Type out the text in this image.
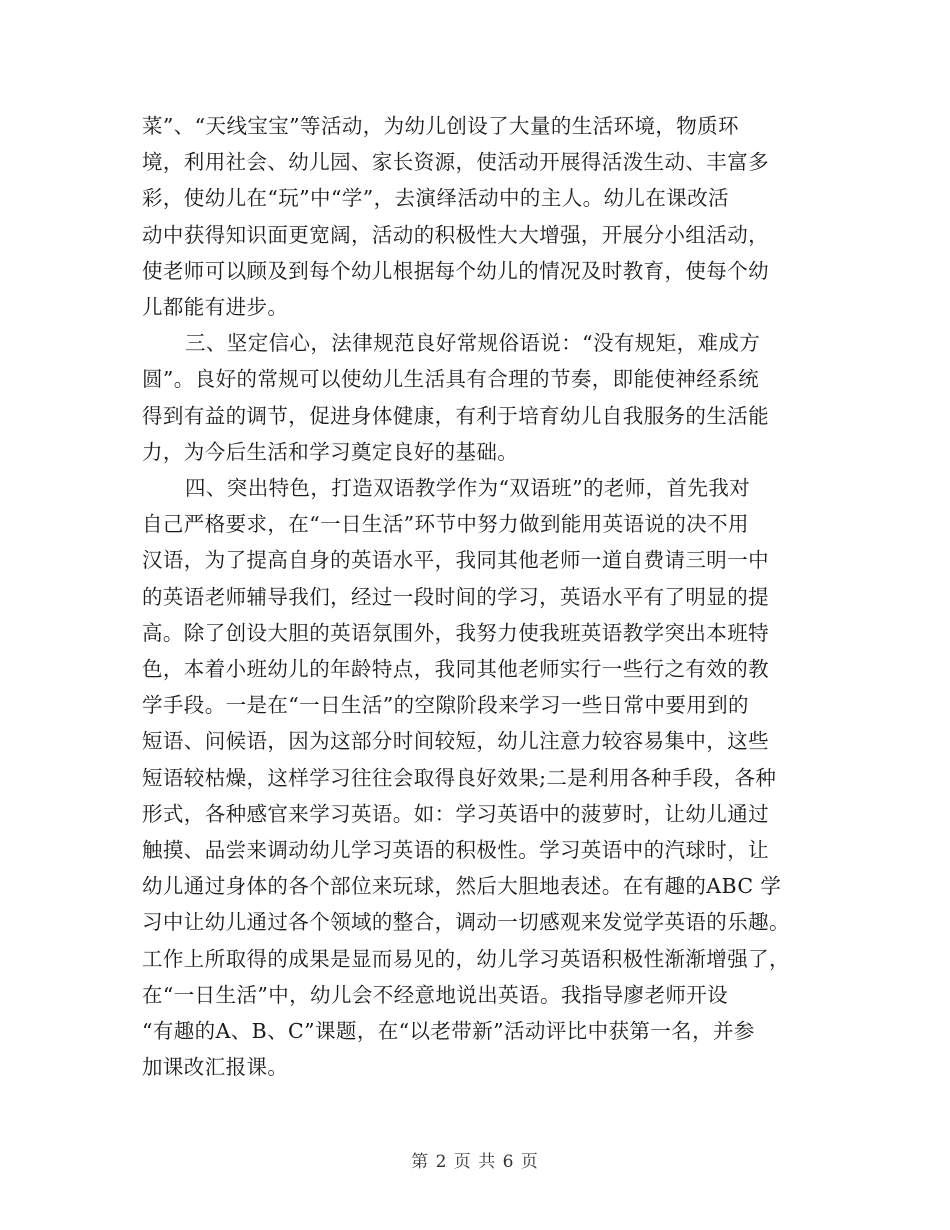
菜”、“天线宝宝”等活动，为幼儿创设了大量的生活环境，物质环
境，利用社会、幼儿园、家长资源，使活动开展得活泼生动、丰富多
彩，使幼儿在“玩”中“学”，去演绎活动中的主人。幼儿在课改活
动中获得知识面更宽阔，活动的积极性大大增强，开展分小组活动，
使老师可以顾及到每个幼儿根据每个幼儿的情况及时教育，使每个幼
儿都能有进步。

三、坚定信心，法律规范良好常规俗语说：“没有规矩，难成方
圆”。良好的常规可以使幼儿生活具有合理的节奏，即能使神经系统
得到有益的调节，促进身体健康，有利于培育幼儿自我服务的生活能
力，为今后生活和学习奠定良好的基础。

四、突出特色，打造双语教学作为“双语班”的老师，首先我对
自己严格要求，在“一日生活”环节中努力做到能用英语说的决不用
汉语，为了提高自身的英语水平，我同其他老师一道自费请三明一中
的英语老师辅导我们，经过一段时间的学习，英语水平有了明显的提
高。除了创设大胆的英语氛围外，我努力使我班英语教学突出本班特
色，本着小班幼儿的年龄特点，我同其他老师实行一些行之有效的教
学手段。一是在“一日生活”的空隙阶段来学习一些日常中要用到的
短语、问候语，因为这部分时间较短，幼儿注意力较容易集中，这些
短语较枯燥，这样学习往往会取得良好效果;二是利用各种手段，各种
形式，各种感官来学习英语。如：学习英语中的菠萝时，让幼儿通过
触摸、品尝来调动幼儿学习英语的积极性。学习英语中的汽球时，让
幼儿通过身体的各个部位来玩球，然后大胆地表述。在有趣的ABC 学
习中让幼儿通过各个领域的整合，调动一切感观来发觉学英语的乐趣。
工作上所取得的成果是显而易见的，幼儿学习英语积极性渐渐增强了，
在“一日生活”中，幼儿会不经意地说出英语。我指导廖老师开设
“有趣的A、B、C”课题，在“以老带新”活动评比中获第一名，并参
加课改汇报课。

第 2 页 共 6 页
